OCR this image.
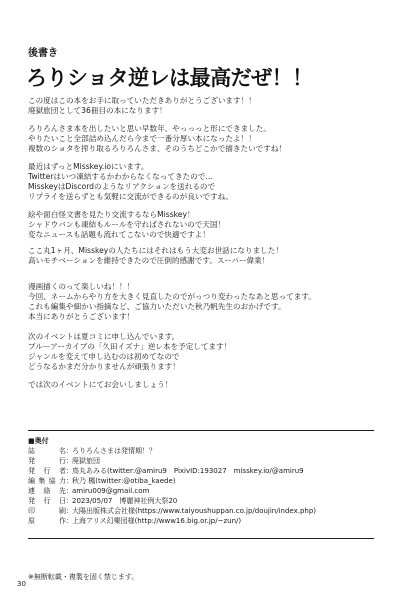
後書き
ろりショタ逆レは最高だぜ！！
この度はこの本をお手に取っていただきありがとうございます！！
廃獄旅団として36冊目の本になります！
ろりろんさま本を出したいと思い早数年、やっっっと形にできました。
やりたいこと全部詰め込んだら今まで一番分厚い本になったよ！！
複数のショタを搾り取るろりろんさま、そのうちどこかで描きたいですね！
最近はずっとMisskey.ioにいます。
Twitterはいつ凍結するかわからなくなってきたので…
MisskeyはDiscordのようなリアクションを送れるので
リプライを送らずとも気軽に交流ができるのが良いですね。
絵や面白怪文書を見たり交流するならMisskey！
シャドウバンも凍結もルールを守ればされないので天国！
変なニュースも話題も流れてこないので快適ですよ！
ここ丸1ヶ月、Misskeyの人たちにはそれはもう大変お世話になりました！
高いモチベーションを維持できたので圧倒的感謝です。スーパー偉業！
漫画描くのって楽しいね！！！
今回、ネームからやり方を大きく見直したのでがっつり変わったなあと思ってます。
これも編集や細かい指摘など、ご協力いただいた秋乃帆先生のおかげです。
本当にありがとうございます！
次のイベントは夏コミに申し込んでいます。
ブルーアーカイブの「久田イズナ」逆レ本を予定してます！
ジャンルを変えて申し込むのは初めてなので
どうなるかまだ分かりませんが頑張ります！
では次のイベントにてお会いしましょう！
■奥付
誌名 ： ろりろんさまは発情期！？
発行 ： 廃獄旅団
発行者 ： 鳥丸あみる(twitter:@amiru9　PixivID:193027　misskey.io/@amiru9
編集協力 ： 秋乃 楓(twitter:@otiba_kaede)
連絡先 ： amiru009@gmail.com
発行日 ： 2023/05/07　博麗神社例大祭20
印刷 ： 大陽出版株式会社様(https://www.taiyoushuppan.co.jp/doujin/index.php)
原作 ： 上海アリス幻樂団様(http://www16.big.or.jp/~zun/)
※無断転載・複製を固く禁じます。
30
